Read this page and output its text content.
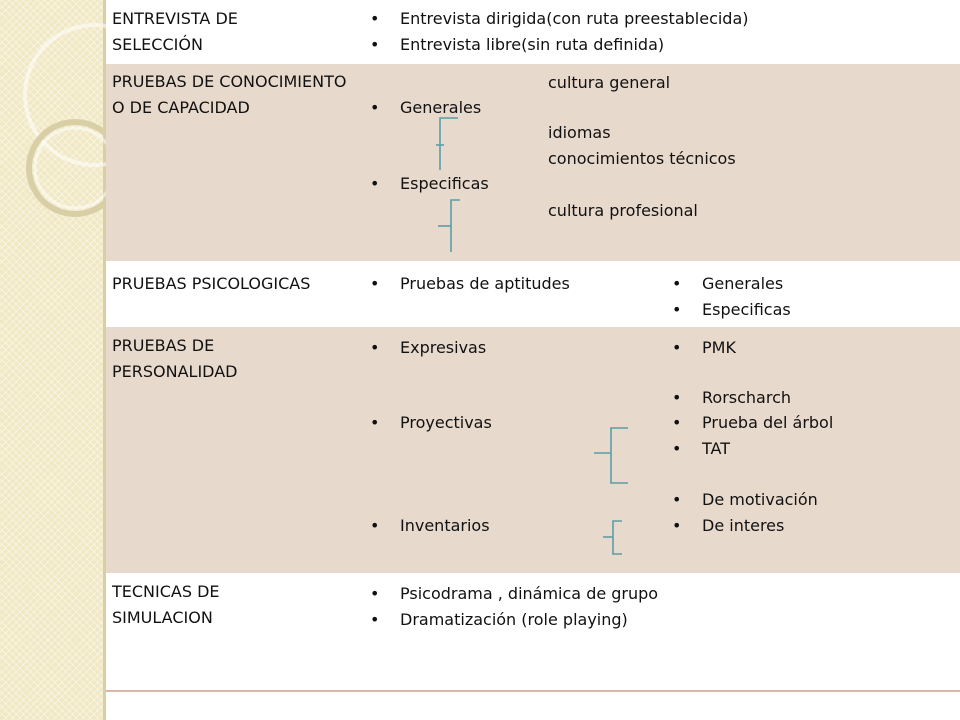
ENTREVISTA DE SELECCIÓN

• Entrevista dirigida(con ruta preestablecida)
• Entrevista libre(sin ruta definida)

PRUEBAS DE CONOCIMIENTO O DE CAPACIDAD

cultura general
• Generales
idiomas
conocimientos técnicos
• Especificas
cultura profesional

PRUEBAS PSICOLOGICAS	• Pruebas de aptitudes	• Generales
• Especificas

PRUEBAS DE PERSONALIDAD

• Expresivas
• Proyectivas
• Inventarios
• PMK
• Rorscharch
• Prueba del árbol
• TAT
• De motivación
• De interes

TECNICAS DE SIMULACION

• Psicodrama , dinámica de grupo
• Dramatización (role playing)
